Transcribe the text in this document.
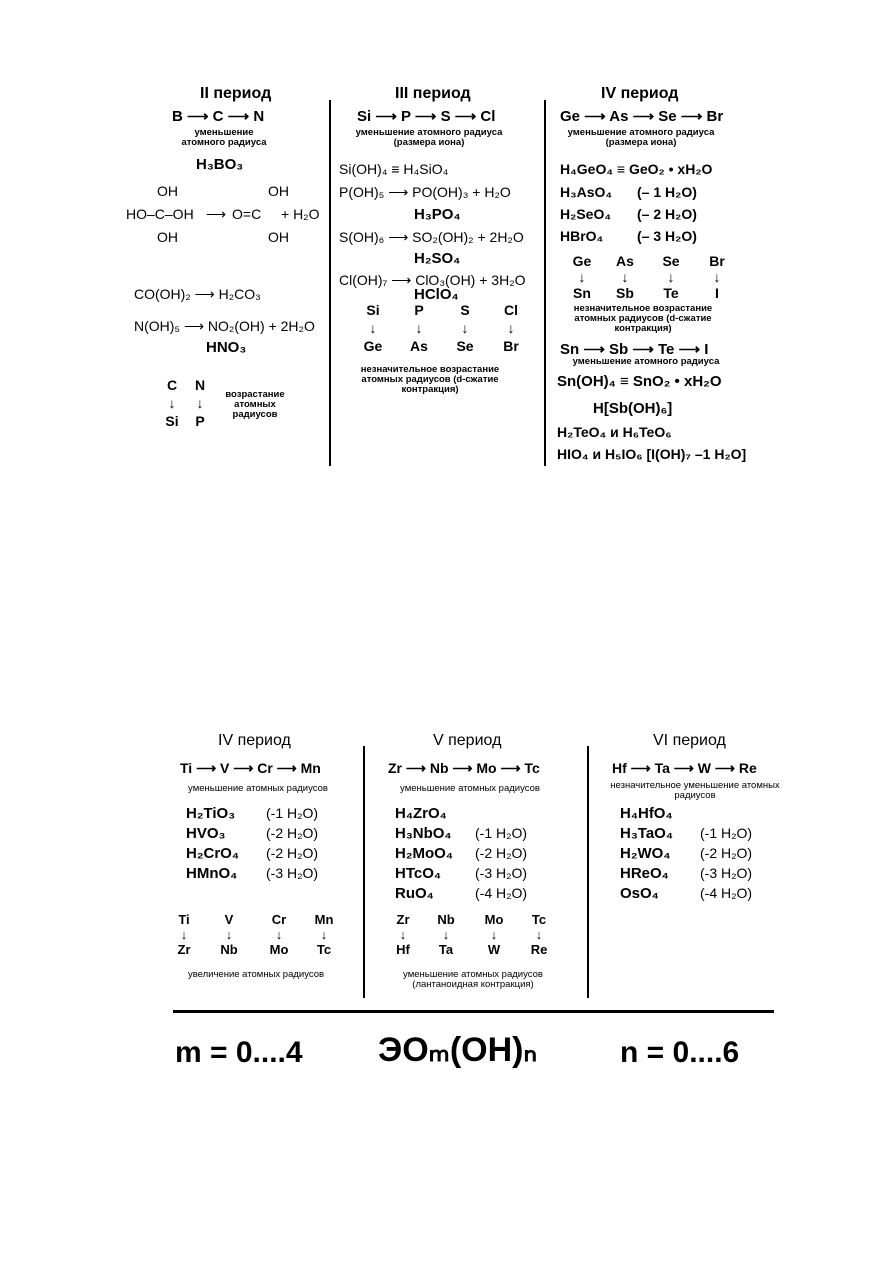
II период
B ⟶ C ⟶ N
уменьшение атомного радиуса
H₃BO₃
OH
HO–C–OH
OH
⟶ O=C
OH
OH
+ H₂O
CO(OH)₂ ⟶ H₂CO₃
N(OH)₅ ⟶ NO₂(OH) + 2H₂O
HNO₃
C	N
↓	↓
Si	P
возрастание атомных радиусов
III период
Si ⟶ P ⟶ S ⟶ Cl
уменьшение атомного радиуса (размера иона)
Si(OH)₄ ≡ H₄SiO₄
P(OH)₅ ⟶ PO(OH)₃ + H₂O
H₃PO₄
S(OH)₆ ⟶ SO₂(OH)₂ + 2H₂O
H₂SO₄
Cl(OH)₇ ⟶ ClO₃(OH) + 3H₂O
HClO₄
Si	P	S	Cl
↓	↓	↓	↓
Ge	As	Se	Br
незначительное возрастание атомных радиусов (d-сжатие контракция)
IV период
Ge ⟶ As ⟶ Se ⟶ Br
уменьшение атомного радиуса (размера иона)
H₄GeO₄ ≡ GeO₂ • xH₂O
H₃AsO₄ (– 1 H₂O)
H₂SeO₄ (– 2 H₂O)
HBrO₄ (– 3 H₂O)
Ge	As	Se	Br
↓	↓	↓	↓
Sn	Sb	Te	I
незначительное возрастание атомных радиусов (d-сжатие контракция)
Sn ⟶ Sb ⟶ Te ⟶ I
уменьшение атомного радиуса
Sn(OH)₄ ≡ SnO₂ • xH₂O
H[Sb(OH)₆]
H₂TeO₄ и H₆TeO₆
HIO₄ и H₅IO₆ [I(OH)₇ –1 H₂O]
IV период
Ti ⟶ V ⟶ Cr ⟶ Mn
уменьшение атомных радиусов
H₂TiO₃ (-1 H₂O)
HVO₃	(-2 H₂O)
H₂CrO₄ (-2 H₂O)
HMnO₄ (-3 H₂O)
Ti	V	Cr	Mn
↓	↓	↓	↓
Zr	Nb	Mo	Tc
увеличение атомных радиусов
V период
Zr ⟶ Nb ⟶ Mo ⟶ Tc
уменьшение атомных радиусов
H₄ZrO₄
H₃NbO₄ (-1 H₂O)
H₂MoO₄ (-2 H₂O)
HTcO₄ (-3 H₂O)
RuO₄	(-4 H₂O)
Zr	Nb	Mo	Tc
↓	↓	↓	↓
Hf	Ta	W	Re
уменьшение атомных радиусов (лантаноидная контракция)
VI период
Hf ⟶ Ta ⟶ W ⟶ Re
незначительное уменьшение атомных радиусов
H₄HfO₄
H₃TaO₄ (-1 H₂O)
H₂WO₄ (-2 H₂O)
HReO₄ (-3 H₂O)
OsO₄	(-4 H₂O)
m = 0....4 ЭOₘ(OH)ₙ	n = 0....6
